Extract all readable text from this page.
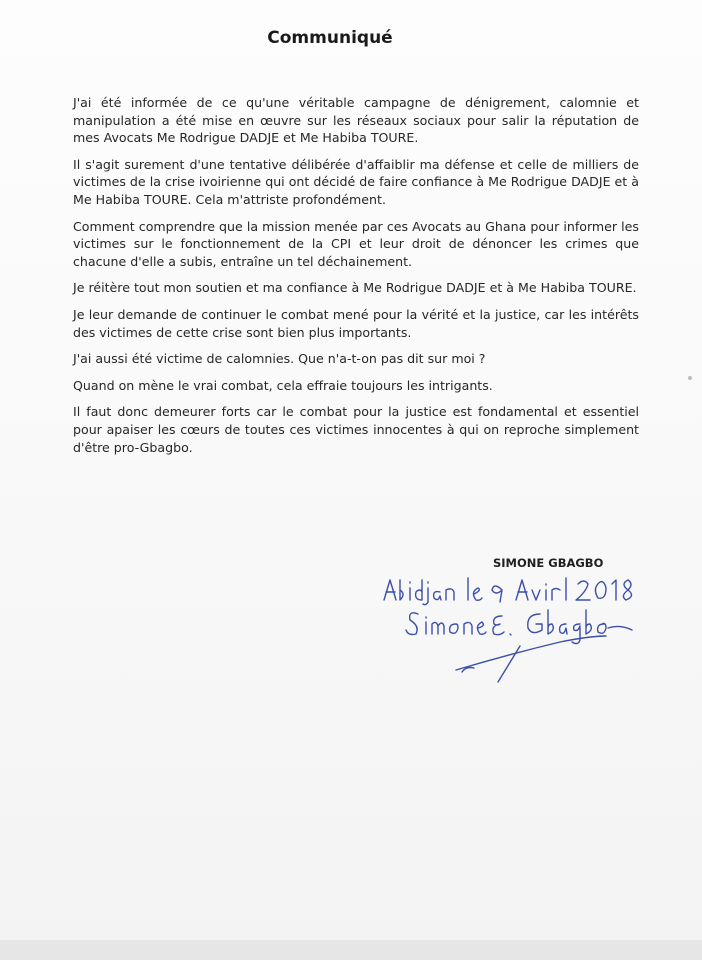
Communiqué

J'ai été informée de ce qu'une véritable campagne de dénigrement, calomnie et manipulation a été mise en œuvre sur les réseaux sociaux pour salir la réputation de mes Avocats Me Rodrigue DADJE et Me Habiba TOURE.

Il s'agit surement d'une tentative délibérée d'affaiblir ma défense et celle de milliers de victimes de la crise ivoirienne qui ont décidé de faire confiance à Me Rodrigue DADJE et à Me Habiba TOURE. Cela m'attriste profondément.

Comment comprendre que la mission menée par ces Avocats au Ghana pour informer les victimes sur le fonctionnement de la CPI et leur droit de dénoncer les crimes que chacune d'elle a subis, entraîne un tel déchainement.

Je réitère tout mon soutien et ma confiance à Me Rodrigue DADJE et à Me Habiba TOURE.

Je leur demande de continuer le combat mené pour la vérité et la justice, car les intérêts des victimes de cette crise sont bien plus importants.

J'ai aussi été victime de calomnies. Que n'a-t-on pas dit sur moi ?

Quand on mène le vrai combat, cela effraie toujours les intrigants.

Il faut donc demeurer forts car le combat pour la justice est fondamental et essentiel pour apaiser les cœurs de toutes ces victimes innocentes à qui on reproche simplement d'être pro-Gbagbo.

SIMONE GBAGBO
